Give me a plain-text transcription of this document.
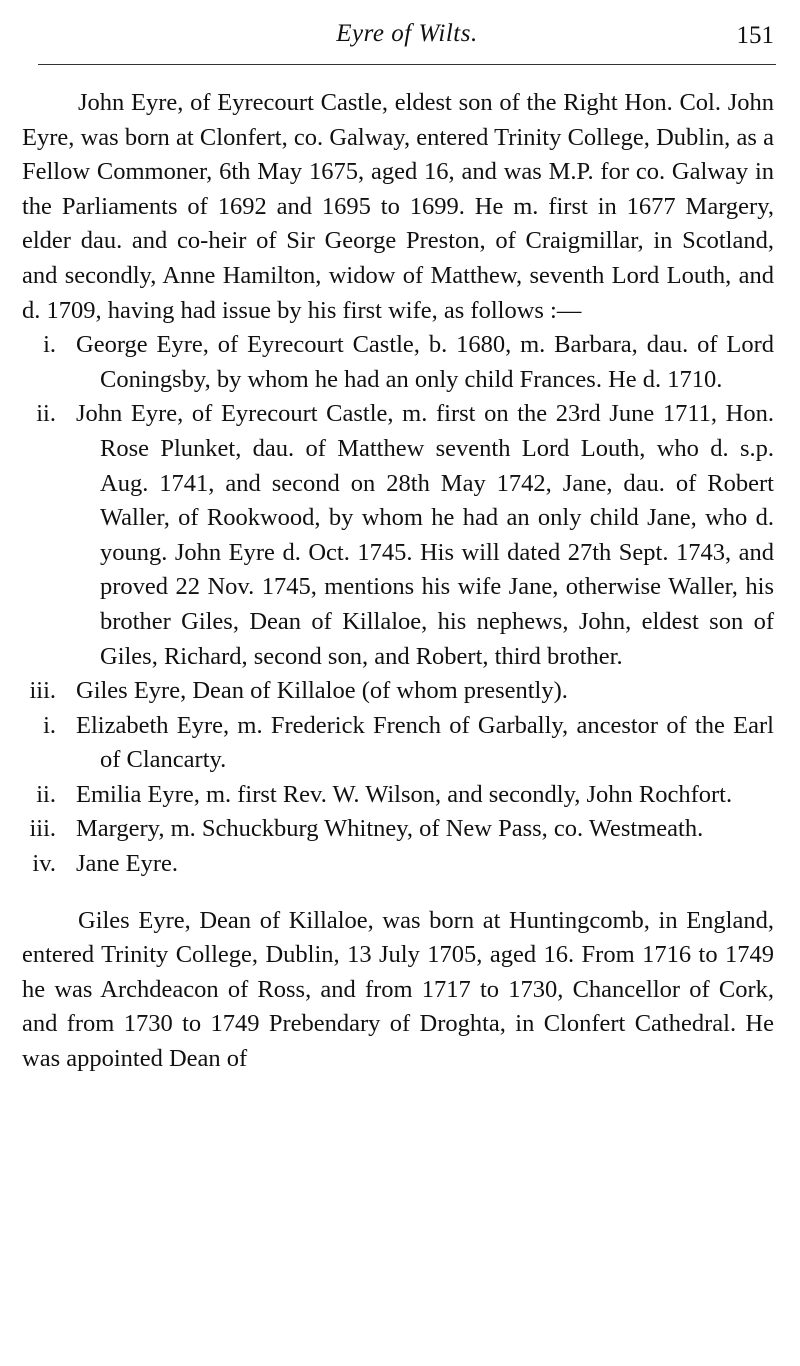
Eyre of Wilts.	151

John Eyre, of Eyrecourt Castle, eldest son of the Right Hon. Col. John Eyre, was born at Clonfert, co. Galway, entered Trinity College, Dublin, as a Fellow Commoner, 6th May 1675, aged 16, and was M.P. for co. Galway in the Parliaments of 1692 and 1695 to 1699. He m. first in 1677 Margery, elder dau. and co-heir of Sir George Preston, of Craigmillar, in Scotland, and secondly, Anne Hamilton, widow of Matthew, seventh Lord Louth, and d. 1709, having had issue by his first wife, as follows :—

i. George Eyre, of Eyrecourt Castle, b. 1680, m. Barbara, dau. of Lord Coningsby, by whom he had an only child Frances. He d. 1710.
ii. John Eyre, of Eyrecourt Castle, m. first on the 23rd June 1711, Hon. Rose Plunket, dau. of Matthew seventh Lord Louth, who d. s.p. Aug. 1741, and second on 28th May 1742, Jane, dau. of Robert Waller, of Rookwood, by whom he had an only child Jane, who d. young. John Eyre d. Oct. 1745. His will dated 27th Sept. 1743, and proved 22 Nov. 1745, mentions his wife Jane, otherwise Waller, his brother Giles, Dean of Killaloe, his nephews, John, eldest son of Giles, Richard, second son, and Robert, third brother.
iii. Giles Eyre, Dean of Killaloe (of whom presently).
i. Elizabeth Eyre, m. Frederick French of Garbally, ancestor of the Earl of Clancarty.
ii. Emilia Eyre, m. first Rev. W. Wilson, and secondly, John Rochfort.
iii. Margery, m. Schuckburg Whitney, of New Pass, co. Westmeath.
iv. Jane Eyre.

Giles Eyre, Dean of Killaloe, was born at Huntingcomb, in England, entered Trinity College, Dublin, 13 July 1705, aged 16. From 1716 to 1749 he was Archdeacon of Ross, and from 1717 to 1730, Chancellor of Cork, and from 1730 to 1749 Prebendary of Droghta, in Clonfert Cathedral. He was appointed Dean of
